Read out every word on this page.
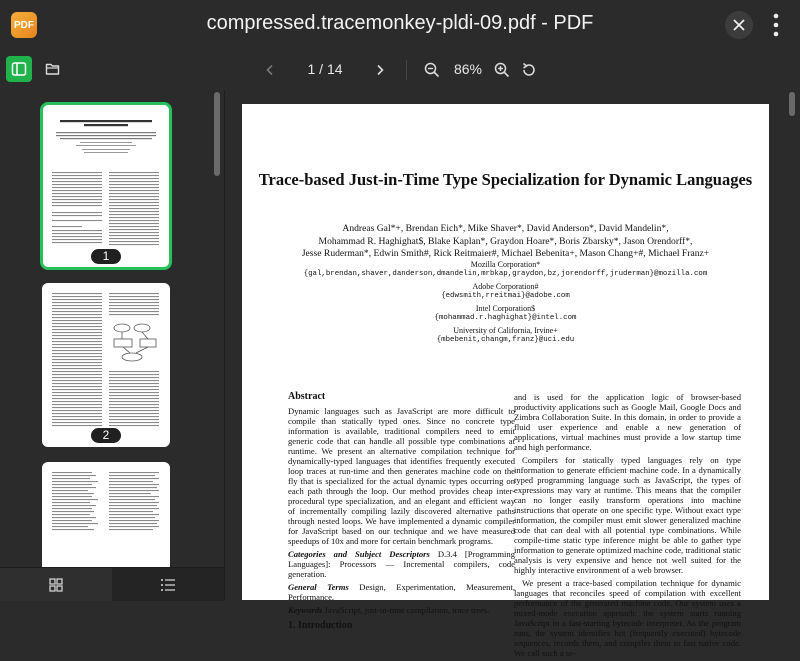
PDF	compressed.tracemonkey-pldi-09.pdf - PDF
1 / 14	86%
1
2
Trace-based Just-in-Time Type Specialization for Dynamic Languages
Andreas Gal*+, Brendan Eich*, Mike Shaver*, David Anderson*, David Mandelin*,
Mohammad R. Haghighat$, Blake Kaplan*, Graydon Hoare*, Boris Zbarsky*, Jason Orendorff*,
Jesse Ruderman*, Edwin Smith#, Rick Reitmaier#, Michael Bebenita+, Mason Chang+#, Michael Franz+
Mozilla Corporation*
{gal,brendan,shaver,danderson,dmandelin,mrbkap,graydon,bz,jorendorff,jruderman}@mozilla.com
Adobe Corporation#
{edwsmith,rreitmai}@adobe.com
Intel Corporation$
{mohammad.r.haghighat}@intel.com
University of California, Irvine+
{mbebenit,changm,franz}@uci.edu
Abstract

Dynamic languages such as JavaScript are more difficult to compile than statically typed ones. Since no concrete type information is available, traditional compilers need to emit generic code that can handle all possible type combinations at runtime. We present an alternative compilation technique for dynamically-typed languages that identifies frequently executed loop traces at run-time and then generates machine code on the fly that is specialized for the actual dynamic types occurring on each path through the loop. Our method provides cheap inter-procedural type specialization, and an elegant and efficient way of incrementally compiling lazily discovered alternative paths through nested loops. We have implemented a dynamic compiler for JavaScript based on our technique and we have measured speedups of 10x and more for certain benchmark programs.

Categories and Subject Descriptors D.3.4 [Programming Languages]: Processors — Incremental compilers, code generation.

General Terms Design, Experimentation, Measurement, Performance.

Keywords JavaScript, just-in-time compilation, trace trees.

1. Introduction

and is used for the application logic of browser-based productivity applications such as Google Mail, Google Docs and Zimbra Collaboration Suite. In this domain, in order to provide a fluid user experience and enable a new generation of applications, virtual machines must provide a low startup time and high performance.

Compilers for statically typed languages rely on type information to generate efficient machine code. In a dynamically typed programming language such as JavaScript, the types of expressions may vary at runtime. This means that the compiler can no longer easily transform operations into machine instructions that operate on one specific type. Without exact type information, the compiler must emit slower generalized machine code that can deal with all potential type combinations. While compile-time static type inference might be able to gather type information to generate optimized machine code, traditional static analysis is very expensive and hence not well suited for the highly interactive environment of a web browser.

We present a trace-based compilation technique for dynamic languages that reconciles speed of compilation with excellent performance of the generated machine code. Our system uses a mixed-mode execution approach: the system starts running JavaScript in a fast-starting bytecode interpreter. As the program runs, the system identifies hot (frequently executed) bytecode sequences, records them, and compiles them to fast native code. We call such a se-
